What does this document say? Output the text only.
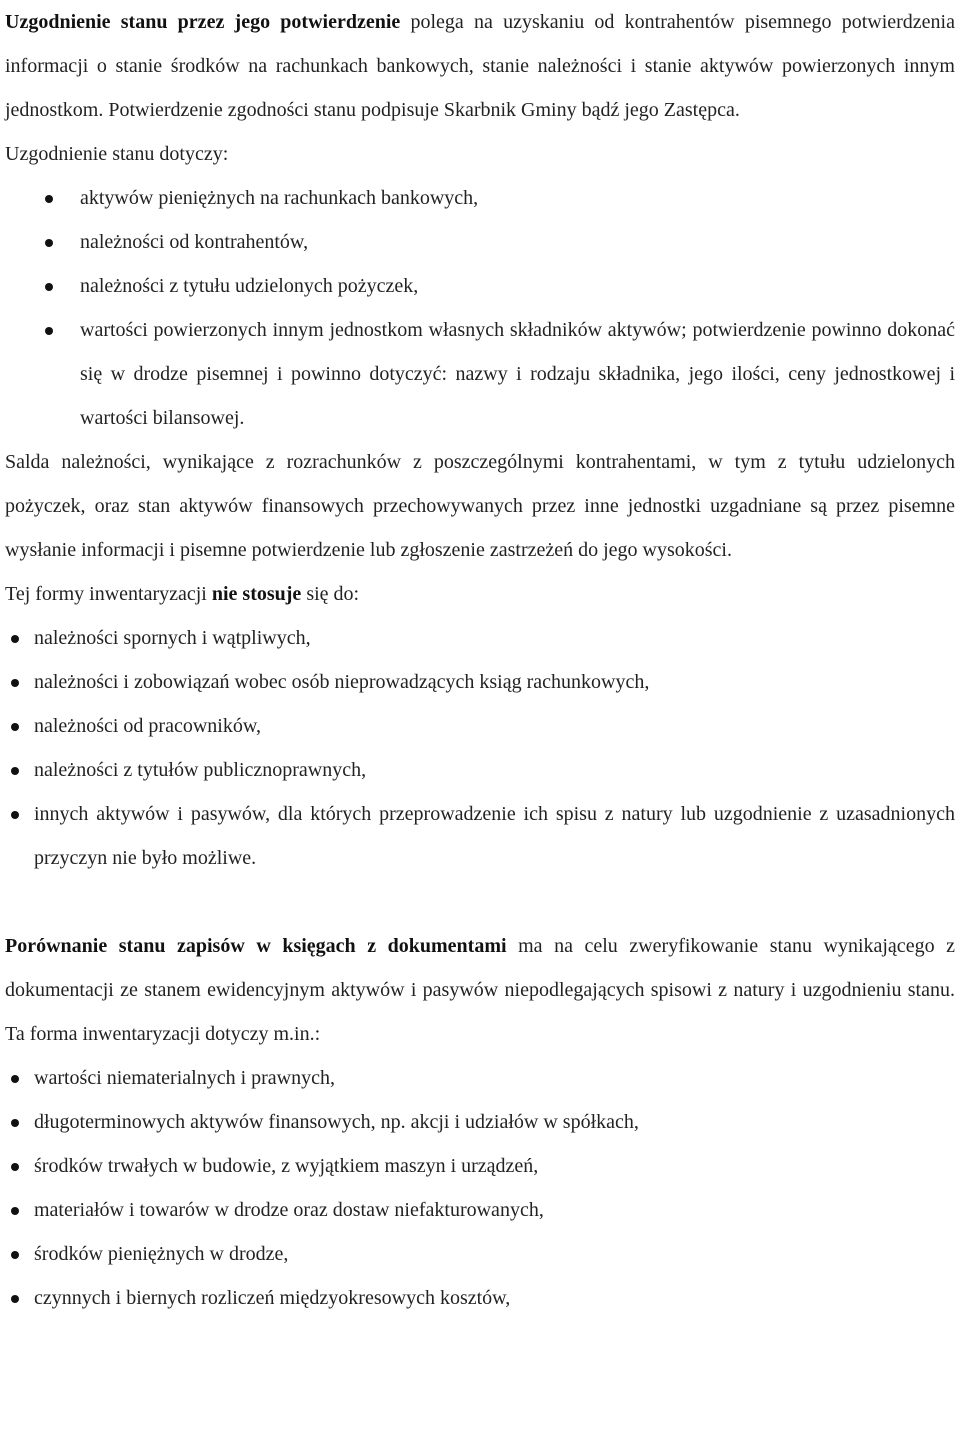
Uzgodnienie stanu przez jego potwierdzenie polega na uzyskaniu od kontrahentów pisemnego potwierdzenia informacji o stanie środków na rachunkach bankowych, stanie należności i stanie aktywów powierzonych innym jednostkom. Potwierdzenie zgodności stanu podpisuje Skarbnik Gminy bądź jego Zastępca.

Uzgodnienie stanu dotyczy:

aktywów pieniężnych na rachunkach bankowych,
należności od kontrahentów,
należności z tytułu udzielonych pożyczek,
wartości powierzonych innym jednostkom własnych składników aktywów; potwierdzenie powinno dokonać się w drodze pisemnej i powinno dotyczyć: nazwy i rodzaju składnika, jego ilości, ceny jednostkowej i wartości bilansowej.

Salda należności, wynikające z rozrachunków z poszczególnymi kontrahentami, w tym z tytułu udzielonych pożyczek, oraz stan aktywów finansowych przechowywanych przez inne jednostki uzgadniane są przez pisemne wysłanie informacji i pisemne potwierdzenie lub zgłoszenie zastrzeżeń do jego wysokości.

Tej formy inwentaryzacji nie stosuje się do:

należności spornych i wątpliwych,
należności i zobowiązań wobec osób nieprowadzących ksiąg rachunkowych,
należności od pracowników,
należności z tytułów publicznoprawnych,
innych aktywów i pasywów, dla których przeprowadzenie ich spisu z natury lub uzgodnienie z uzasadnionych przyczyn nie było możliwe.

Porównanie stanu zapisów w księgach z dokumentami ma na celu zweryfikowanie stanu wynikającego z dokumentacji ze stanem ewidencyjnym aktywów i pasywów niepodlegających spisowi z natury i uzgodnieniu stanu. Ta forma inwentaryzacji dotyczy m.in.:

wartości niematerialnych i prawnych,
długoterminowych aktywów finansowych, np. akcji i udziałów w spółkach,
środków trwałych w budowie, z wyjątkiem maszyn i urządzeń,
materiałów i towarów w drodze oraz dostaw niefakturowanych,
środków pieniężnych w drodze,
czynnych i biernych rozliczeń międzyokresowych kosztów,
